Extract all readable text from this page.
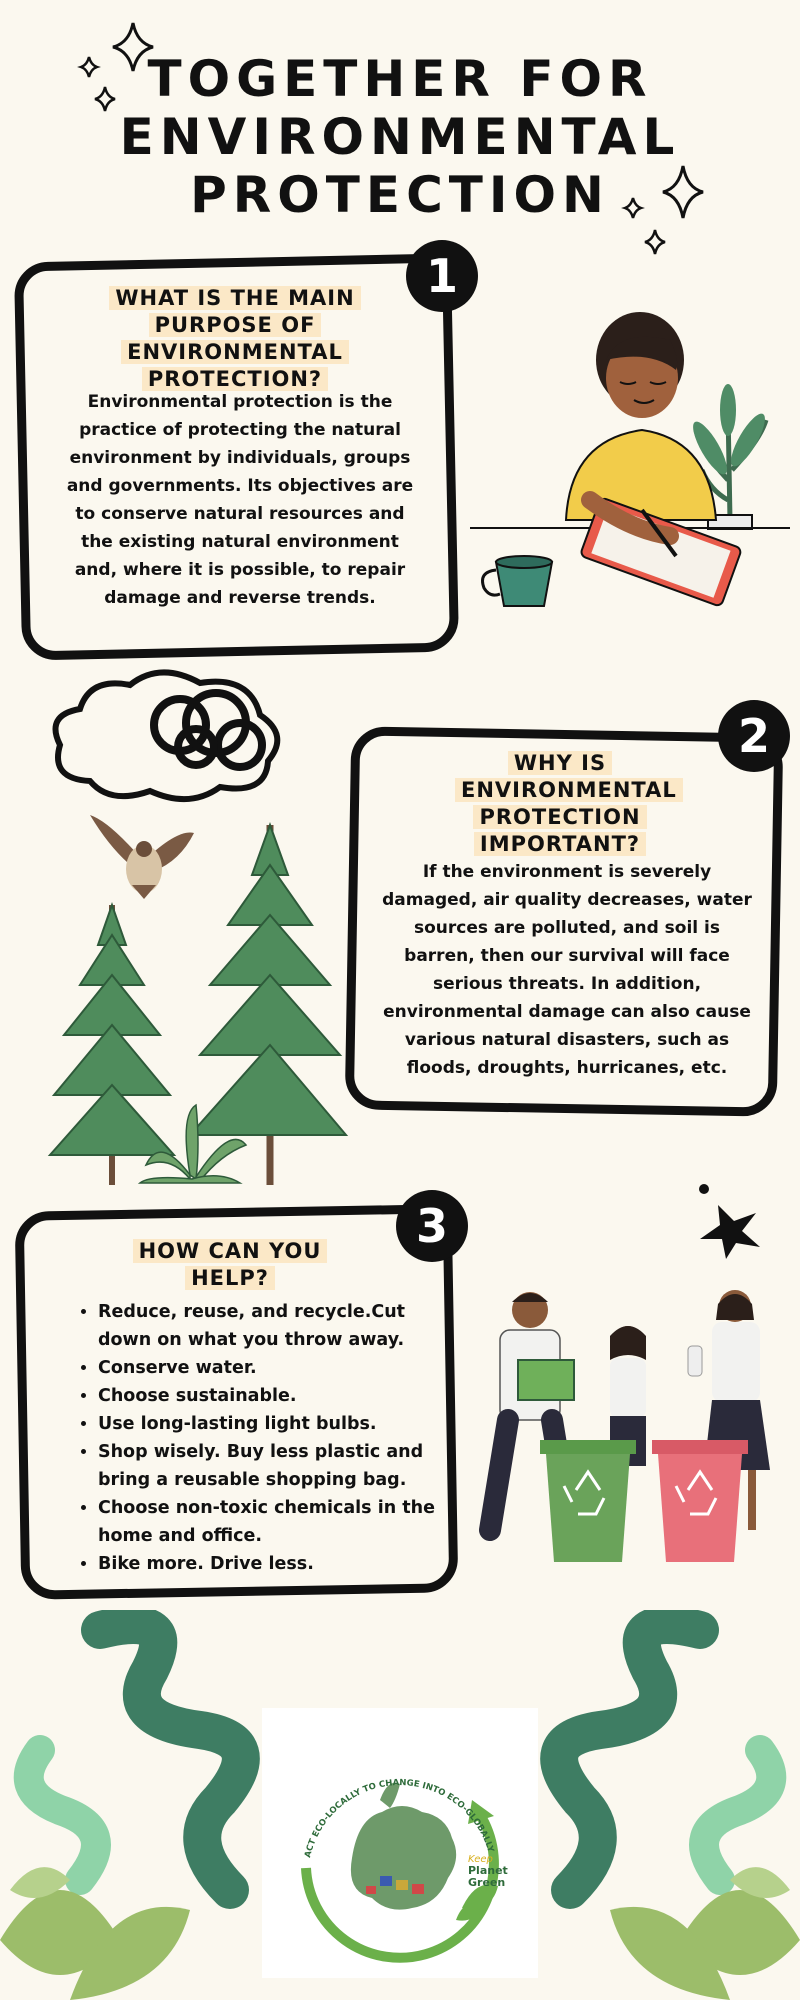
TOGETHER FOR
ENVIRONMENTAL
PROTECTION
1
WHAT IS THE MAIN PURPOSE OF ENVIRONMENTAL PROTECTION?
Environmental protection is the practice of protecting the natural environment by individuals, groups and governments. Its objectives are to conserve natural resources and the existing natural environment and, where it is possible, to repair damage and reverse trends.
2
WHY IS ENVIRONMENTAL PROTECTION IMPORTANT?
If the environment is severely damaged, air quality decreases, water sources are polluted, and soil is barren, then our survival will face serious threats. In addition, environmental damage can also cause various natural disasters, such as floods, droughts, hurricanes, etc.
3
HOW CAN YOU HELP?
• Reduce, reuse, and recycle.Cut down on what you throw away.
• Conserve water.
• Choose sustainable.
• Use long-lasting light bulbs.
• Shop wisely. Buy less plastic and bring a reusable shopping bag.
• Choose non-toxic chemicals in the home and office.
• Bike more. Drive less.
ACT ECO-LOCALLY TO CHANGE INTO ECO-GLOBALLY
Keep
Planet
Green
